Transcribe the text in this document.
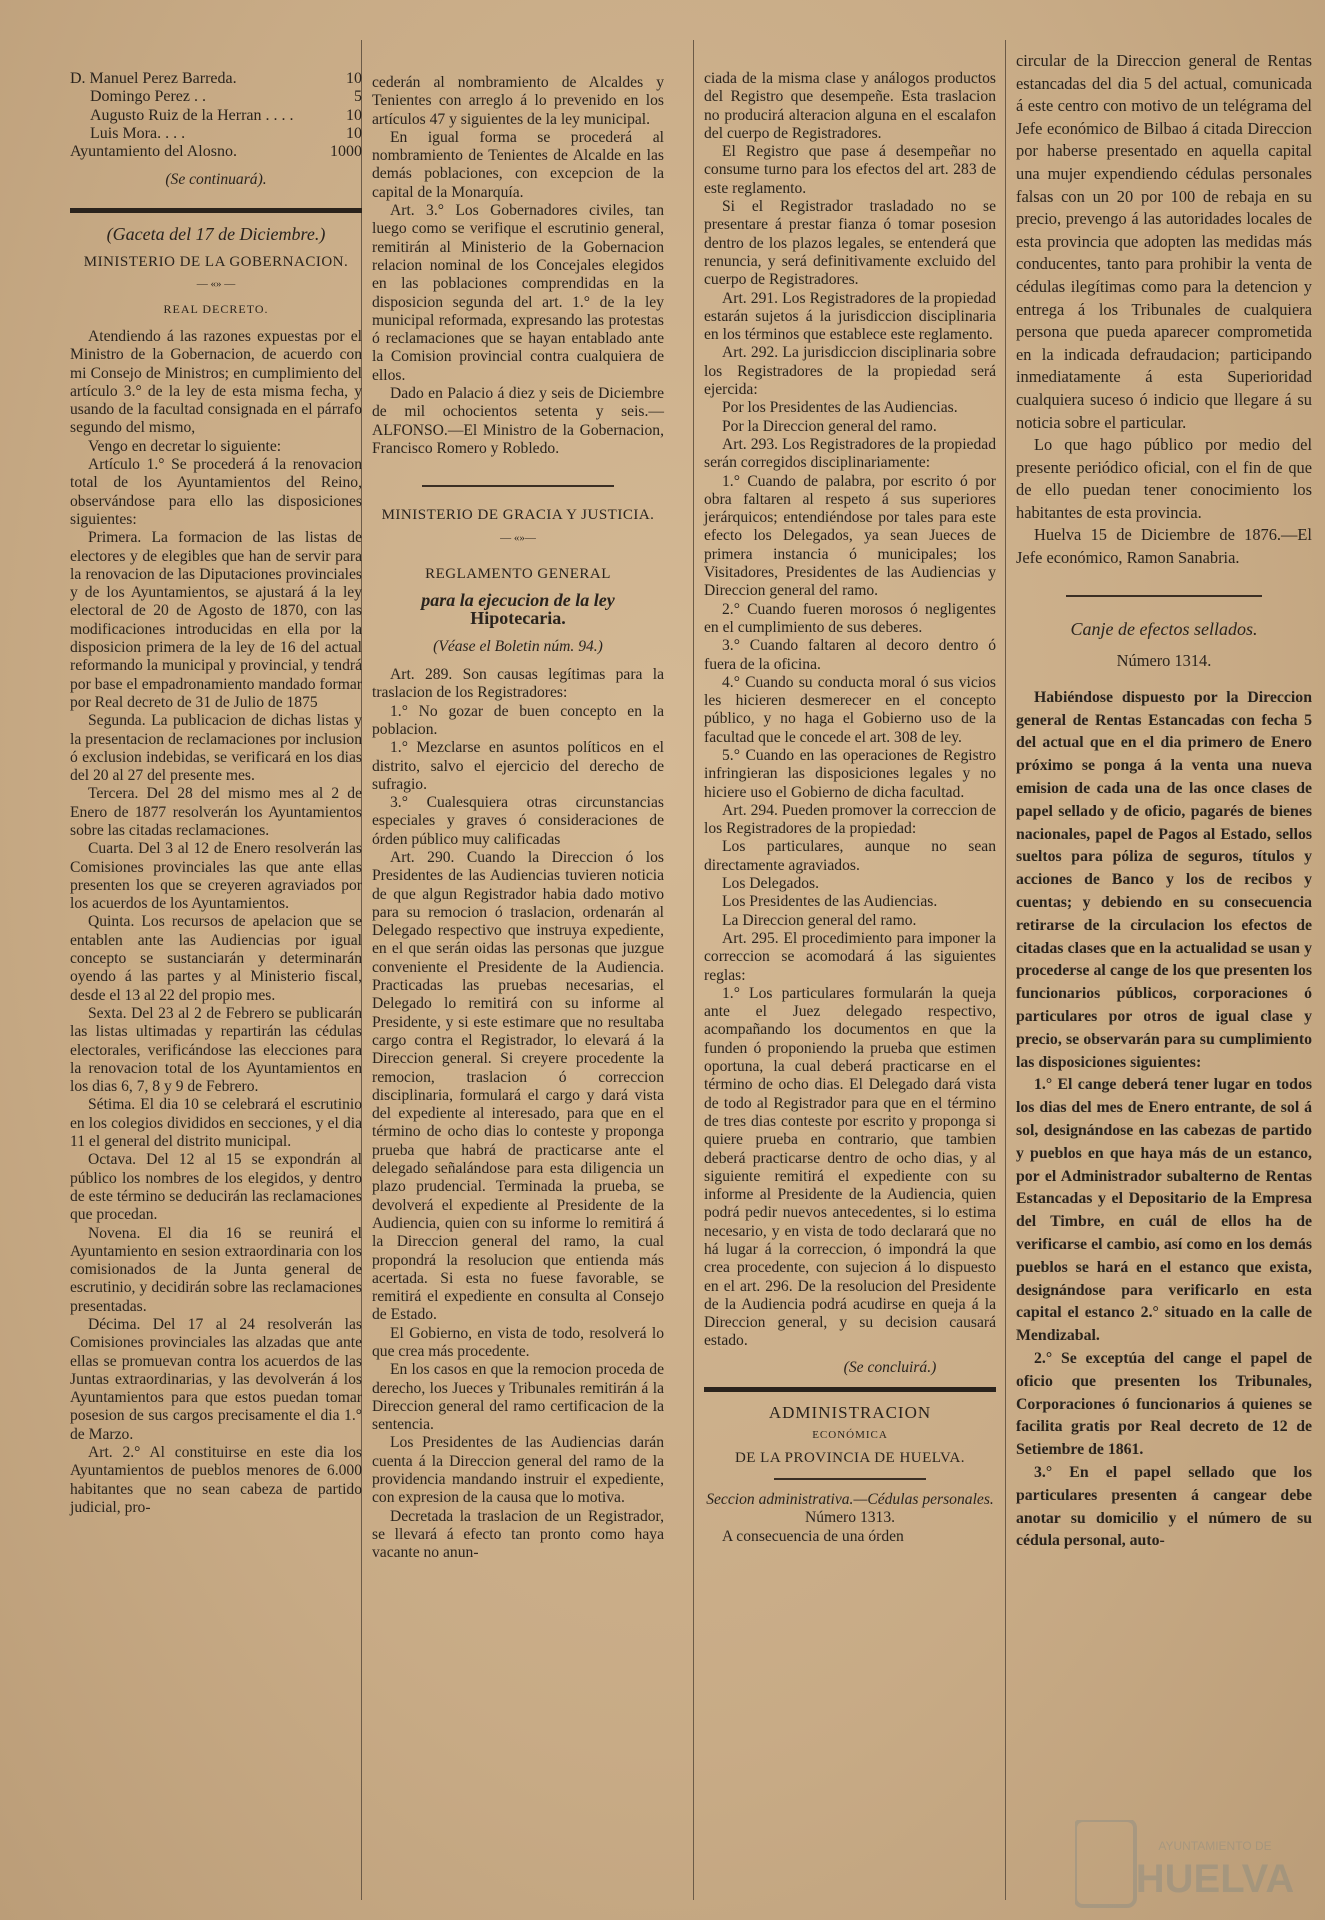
D. Manuel Perez Barreda.	10
Domingo Perez . .	5
Augusto Ruiz de la Herran . . . .	10
Luis Mora. . . .	10
Ayuntamiento del Alosno.	1000

(Se continuará).

(Gaceta del 17 de Diciembre.)

MINISTERIO DE LA GOBERNACION.
— «» —
REAL DECRETO.

Atendiendo á las razones expuestas por el Ministro de la Gobernacion, de acuerdo con mi Consejo de Ministros; en cumplimiento del artículo 3.° de la ley de esta misma fecha, y usando de la facultad consignada en el párrafo segundo del mismo,

Vengo en decretar lo siguiente:

Artículo 1.° Se procederá á la renovacion total de los Ayuntamientos del Reino, observándose para ello las disposiciones siguientes:

Primera. La formacion de las listas de electores y de elegibles que han de servir para la renovacion de las Diputaciones provinciales y de los Ayuntamientos, se ajustará á la ley electoral de 20 de Agosto de 1870, con las modificaciones introducidas en ella por la disposicion primera de la ley de 16 del actual reformando la municipal y provincial, y tendrá por base el empadronamiento mandado formar por Real decreto de 31 de Julio de 1875

Segunda. La publicacion de dichas listas y la presentacion de reclamaciones por inclusion ó exclusion indebidas, se verificará en los dias del 20 al 27 del presente mes.

Tercera. Del 28 del mismo mes al 2 de Enero de 1877 resolverán los Ayuntamientos sobre las citadas reclamaciones.

Cuarta. Del 3 al 12 de Enero resolverán las Comisiones provinciales las que ante ellas presenten los que se creyeren agraviados por los acuerdos de los Ayuntamientos.

Quinta. Los recursos de apelacion que se entablen ante las Audiencias por igual concepto se sustanciarán y determinarán oyendo á las partes y al Ministerio fiscal, desde el 13 al 22 del propio mes.

Sexta. Del 23 al 2 de Febrero se publicarán las listas ultimadas y repartirán las cédulas electorales, verificándose las elecciones para la renovacion total de los Ayuntamientos en los dias 6, 7, 8 y 9 de Febrero.

Sétima. El dia 10 se celebrará el escrutinio en los colegios divididos en secciones, y el dia 11 el general del distrito municipal.

Octava. Del 12 al 15 se expondrán al público los nombres de los elegidos, y dentro de este término se deducirán las reclamaciones que procedan.

Novena. El dia 16 se reunirá el Ayuntamiento en sesion extraordinaria con los comisionados de la Junta general de escrutinio, y decidirán sobre las reclamaciones presentadas.

Décima. Del 17 al 24 resolverán las Comisiones provinciales las alzadas que ante ellas se promuevan contra los acuerdos de las Juntas extraordinarias, y las devolverán á los Ayuntamientos para que estos puedan tomar posesion de sus cargos precisamente el dia 1.° de Marzo.

Art. 2.° Al constituirse en este dia los Ayuntamientos de pueblos menores de 6.000 habitantes que no sean cabeza de partido judicial, pro-

cederán al nombramiento de Alcaldes y Tenientes con arreglo á lo prevenido en los artículos 47 y siguientes de la ley municipal.

En igual forma se procederá al nombramiento de Tenientes de Alcalde en las demás poblaciones, con excepcion de la capital de la Monarquía.

Art. 3.° Los Gobernadores civiles, tan luego como se verifique el escrutinio general, remitirán al Ministerio de la Gobernacion relacion nominal de los Concejales elegidos en las poblaciones comprendidas en la disposicion segunda del art. 1.° de la ley municipal reformada, expresando las protestas ó reclamaciones que se hayan entablado ante la Comision provincial contra cualquiera de ellos.

Dado en Palacio á diez y seis de Diciembre de mil ochocientos setenta y seis.—ALFONSO.—El Ministro de la Gobernacion, Francisco Romero y Robledo.

MINISTERIO DE GRACIA Y JUSTICIA.
— «»—
REGLAMENTO GENERAL

para la ejecucion de la ley

Hipotecaria.

(Véase el Boletin núm. 94.)

Art. 289. Son causas legítimas para la traslacion de los Registradores:

1.° No gozar de buen concepto en la poblacion.

1.° Mezclarse en asuntos políticos en el distrito, salvo el ejercicio del derecho de sufragio.

3.° Cualesquiera otras circunstancias especiales y graves ó consideraciones de órden público muy calificadas

Art. 290. Cuando la Direccion ó los Presidentes de las Audiencias tuvieren noticia de que algun Registrador habia dado motivo para su remocion ó traslacion, ordenarán al Delegado respectivo que instruya expediente, en el que serán oidas las personas que juzgue conveniente el Presidente de la Audiencia. Practicadas las pruebas necesarias, el Delegado lo remitirá con su informe al Presidente, y si este estimare que no resultaba cargo contra el Registrador, lo elevará á la Direccion general. Si creyere procedente la remocion, traslacion ó correccion disciplinaria, formulará el cargo y dará vista del expediente al interesado, para que en el término de ocho dias lo conteste y proponga prueba que habrá de practicarse ante el delegado señalándose para esta diligencia un plazo prudencial. Terminada la prueba, se devolverá el expediente al Presidente de la Audiencia, quien con su informe lo remitirá á la Direccion general del ramo, la cual propondrá la resolucion que entienda más acertada. Si esta no fuese favorable, se remitirá el expediente en consulta al Consejo de Estado.

El Gobierno, en vista de todo, resolverá lo que crea más procedente.

En los casos en que la remocion proceda de derecho, los Jueces y Tribunales remitirán á la Direccion general del ramo certificacion de la sentencia.

Los Presidentes de las Audiencias darán cuenta á la Direccion general del ramo de la providencia mandando instruir el expediente, con expresion de la causa que lo motiva.

Decretada la traslacion de un Registrador, se llevará á efecto tan pronto como haya vacante no anun-

ciada de la misma clase y análogos productos del Registro que desempeñe. Esta traslacion no producirá alteracion alguna en el escalafon del cuerpo de Registradores.

El Registro que pase á desempeñar no consume turno para los efectos del art. 283 de este reglamento.

Si el Registrador trasladado no se presentare á prestar fianza ó tomar posesion dentro de los plazos legales, se entenderá que renuncia, y será definitivamente excluido del cuerpo de Registradores.

Art. 291. Los Registradores de la propiedad estarán sujetos á la jurisdiccion disciplinaria en los términos que establece este reglamento.

Art. 292. La jurisdiccion disciplinaria sobre los Registradores de la propiedad será ejercida:

Por los Presidentes de las Audiencias.

Por la Direccion general del ramo.

Art. 293. Los Registradores de la propiedad serán corregidos disciplinariamente:

1.° Cuando de palabra, por escrito ó por obra faltaren al respeto á sus superiores jerárquicos; entendiéndose por tales para este efecto los Delegados, ya sean Jueces de primera instancia ó municipales; los Visitadores, Presidentes de las Audiencias y Direccion general del ramo.

2.° Cuando fueren morosos ó negligentes en el cumplimiento de sus deberes.

3.° Cuando faltaren al decoro dentro ó fuera de la oficina.

4.° Cuando su conducta moral ó sus vicios les hicieren desmerecer en el concepto público, y no haga el Gobierno uso de la facultad que le concede el art. 308 de ley.

5.° Cuando en las operaciones de Registro infringieran las disposiciones legales y no hiciere uso el Gobierno de dicha facultad.

Art. 294. Pueden promover la correccion de los Registradores de la propiedad:

Los particulares, aunque no sean directamente agraviados.

Los Delegados.

Los Presidentes de las Audiencias.

La Direccion general del ramo.

Art. 295. El procedimiento para imponer la correccion se acomodará á las siguientes reglas:

1.° Los particulares formularán la queja ante el Juez delegado respectivo, acompañando los documentos en que la funden ó proponiendo la prueba que estimen oportuna, la cual deberá practicarse en el término de ocho dias. El Delegado dará vista de todo al Registrador para que en el término de tres dias conteste por escrito y proponga si quiere prueba en contrario, que tambien deberá practicarse dentro de ocho dias, y al siguiente remitirá el expediente con su informe al Presidente de la Audiencia, quien podrá pedir nuevos antecedentes, si lo estima necesario, y en vista de todo declarará que no há lugar á la correccion, ó impondrá la que crea procedente, con sujecion á lo dispuesto en el art. 296. De la resolucion del Presidente de la Audiencia podrá acudirse en queja á la Direccion general, y su decision causará estado.

(Se concluirá.)

ADMINISTRACION
ECONÓMICA
DE LA PROVINCIA DE HUELVA.

Seccion administrativa.—Cédulas personales.

Número 1313.

A consecuencia de una órden

circular de la Direccion general de Rentas estancadas del dia 5 del actual, comunicada á este centro con motivo de un telégrama del Jefe económico de Bilbao á citada Direccion por haberse presentado en aquella capital una mujer expendiendo cédulas personales falsas con un 20 por 100 de rebaja en su precio, prevengo á las autoridades locales de esta provincia que adopten las medidas más conducentes, tanto para prohibir la venta de cédulas ilegítimas como para la detencion y entrega á los Tribunales de cualquiera persona que pueda aparecer comprometida en la indicada defraudacion; participando inmediatamente á esta Superioridad cualquiera suceso ó indicio que llegare á su noticia sobre el particular.

Lo que hago público por medio del presente periódico oficial, con el fin de que de ello puedan tener conocimiento los habitantes de esta provincia.

Huelva 15 de Diciembre de 1876.—El Jefe económico, Ramon Sanabria.

Canje de efectos sellados.

Número 1314.

Habiéndose dispuesto por la Direccion general de Rentas Estancadas con fecha 5 del actual que en el dia primero de Enero próximo se ponga á la venta una nueva emision de cada una de las once clases de papel sellado y de oficio, pagarés de bienes nacionales, papel de Pagos al Estado, sellos sueltos para póliza de seguros, títulos y acciones de Banco y los de recibos y cuentas; y debiendo en su consecuencia retirarse de la circulacion los efectos de citadas clases que en la actualidad se usan y procederse al cange de los que presenten los funcionarios públicos, corporaciones ó particulares por otros de igual clase y precio, se observarán para su cumplimiento las disposiciones siguientes:

1.° El cange deberá tener lugar en todos los dias del mes de Enero entrante, de sol á sol, designándose en las cabezas de partido y pueblos en que haya más de un estanco, por el Administrador subalterno de Rentas Estancadas y el Depositario de la Empresa del Timbre, en cuál de ellos ha de verificarse el cambio, así como en los demás pueblos se hará en el estanco que exista, designándose para verificarlo en esta capital el estanco 2.° situado en la calle de Mendizabal.

2.° Se exceptúa del cange el papel de oficio que presenten los Tribunales, Corporaciones ó funcionarios á quienes se facilita gratis por Real decreto de 12 de Setiembre de 1861.

3.° En el papel sellado que los particulares presenten á cangear debe anotar su domicilio y el número de su cédula personal, auto-

AYUNTAMIENTO DE
HUELVA
